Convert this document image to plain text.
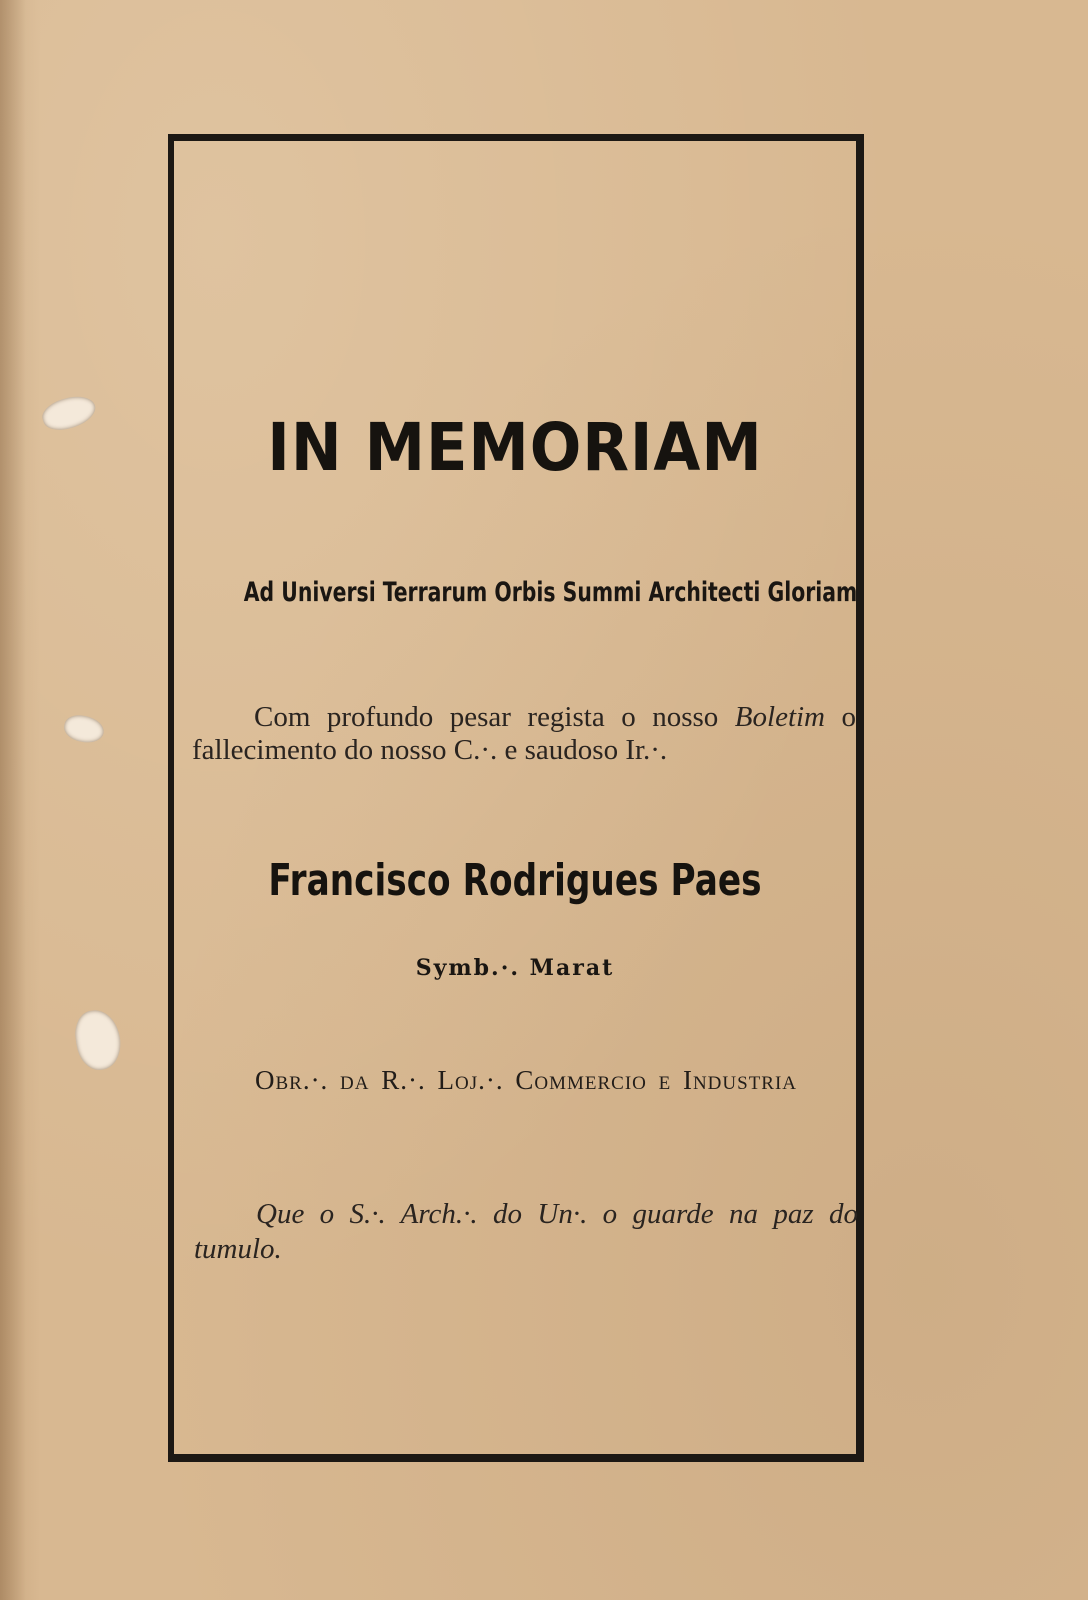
IN MEMORIAM
Ad Universi Terrarum Orbis Summi Architecti Gloriam
Com profundo pesar regista o nosso Boletim o fallecimento do nosso C.·. e saudoso Ir.·.
Francisco Rodrigues Paes
Symb.·. Marat
Obr.·. da R.·. Loj.·. Commercio e Industria
Que o S.·. Arch.·. do Un·. o guarde na paz do tumulo.
